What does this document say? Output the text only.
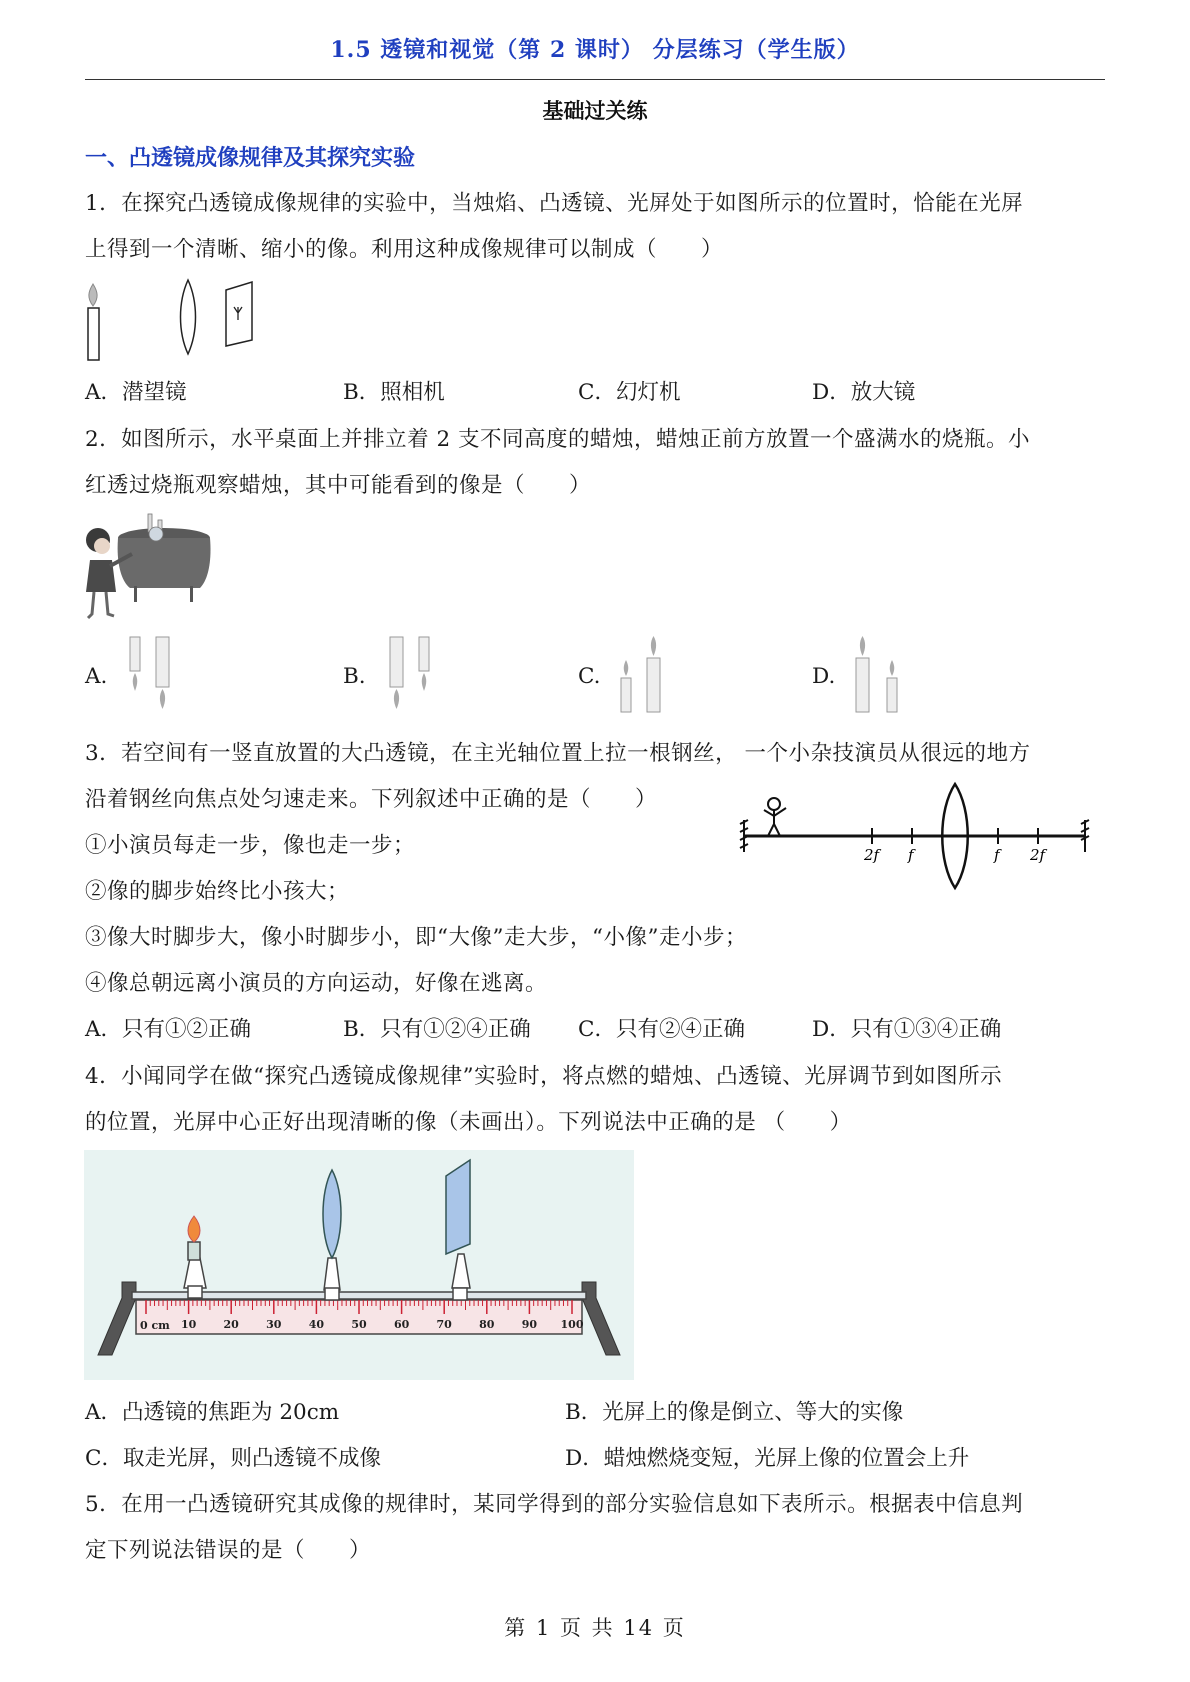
1.5 透镜和视觉（第 2 课时） 分层练习（学生版）
基础过关练
一、凸透镜成像规律及其探究实验
1．在探究凸透镜成像规律的实验中，当烛焰、凸透镜、光屏处于如图所示的位置时，恰能在光屏
上得到一个清晰、缩小的像。利用这种成像规律可以制成（　　）
A．潜望镜	B．照相机	C．幻灯机	D．放大镜
2．如图所示，水平桌面上并排立着 2 支不同高度的蜡烛，蜡烛正前方放置一个盛满水的烧瓶。小
红透过烧瓶观察蜡烛，其中可能看到的像是（　　）
A.	B.	C.	D.
3．若空间有一竖直放置的大凸透镜，在主光轴位置上拉一根钢丝， 一个小杂技演员从很远的地方
沿着钢丝向焦点处匀速走来。下列叙述中正确的是（　　）
①小演员每走一步，像也走一步；
②像的脚步始终比小孩大；
③像大时脚步大，像小时脚步小，即“大像”走大步，“小像”走小步；
④像总朝远离小演员的方向运动，好像在逃离。
2f f	f 2f
A．只有①②正确	B．只有①②④正确 C．只有②④正确	D．只有①③④正确
4．小闻同学在做“探究凸透镜成像规律”实验时，将点燃的蜡烛、凸透镜、光屏调节到如图所示
的位置，光屏中心正好出现清晰的像（未画出）。下列说法中正确的是 （　　）
0 cm 10 20 30 40 50 60 70 80 90 100
A．凸透镜的焦距为 20cm	B．光屏上的像是倒立、等大的实像
C．取走光屏，则凸透镜不成像	D．蜡烛燃烧变短，光屏上像的位置会上升
5．在用一凸透镜研究其成像的规律时，某同学得到的部分实验信息如下表所示。根据表中信息判
定下列说法错误的是（　　）
第 1 页 共 14 页
